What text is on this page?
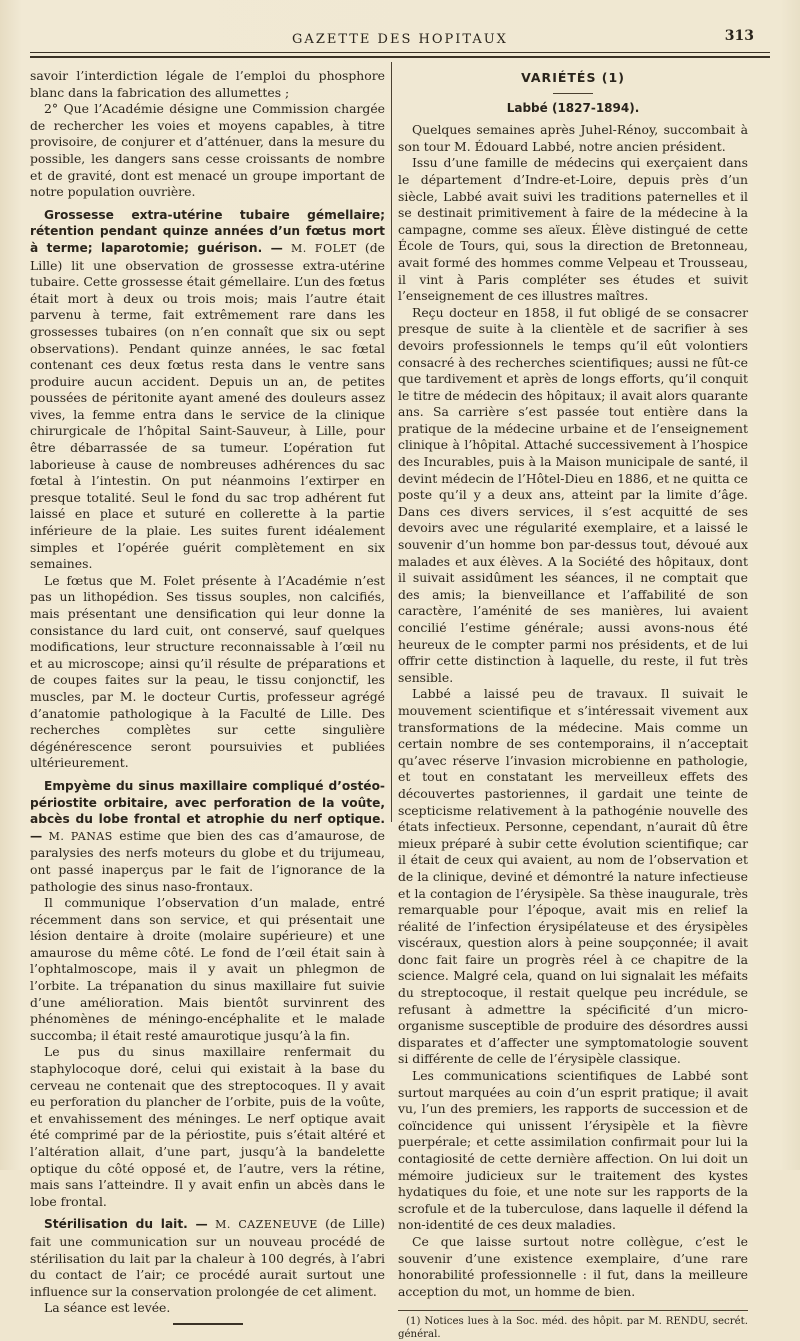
GAZETTE DES HOPITAUX	313

savoir l’interdiction légale de l’emploi du phosphore blanc dans la fabrication des allumettes ;

2° Que l’Académie désigne une Commission chargée de rechercher les voies et moyens capables, à titre provisoire, de conjurer et d’atténuer, dans la mesure du possible, les dangers sans cesse croissants de nombre et de gravité, dont est menacé un groupe important de notre population ouvrière.

Grossesse extra-utérine tubaire gémellaire; rétention pendant quinze années d’un fœtus mort à terme; laparotomie; guérison. — M. FOLET (de Lille) lit une observation de grossesse extra-utérine tubaire. Cette grossesse était gémellaire. L’un des fœtus était mort à deux ou trois mois; mais l’autre était parvenu à terme, fait extrêmement rare dans les grossesses tubaires (on n’en connaît que six ou sept observations). Pendant quinze années, le sac fœtal contenant ces deux fœtus resta dans le ventre sans produire aucun accident. Depuis un an, de petites poussées de péritonite ayant amené des douleurs assez vives, la femme entra dans le service de la clinique chirurgicale de l’hôpital Saint-Sauveur, à Lille, pour être débarrassée de sa tumeur. L’opération fut laborieuse à cause de nombreuses adhérences du sac fœtal à l’intestin. On put néanmoins l’extirper en presque totalité. Seul le fond du sac trop adhérent fut laissé en place et suturé en collerette à la partie inférieure de la plaie. Les suites furent idéalement simples et l’opérée guérit complètement en six semaines.

Le fœtus que M. Folet présente à l’Académie n’est pas un lithopédion. Ses tissus souples, non calcifiés, mais présentant une densification qui leur donne la consistance du lard cuit, ont conservé, sauf quelques modifications, leur structure reconnaissable à l’œil nu et au microscope; ainsi qu’il résulte de préparations et de coupes faites sur la peau, le tissu conjonctif, les muscles, par M. le docteur Curtis, professeur agrégé d’anatomie pathologique à la Faculté de Lille. Des recherches complètes sur cette singulière dégénérescence seront poursuivies et publiées ultérieurement.

Empyème du sinus maxillaire compliqué d’ostéo-périostite orbitaire, avec perforation de la voûte, abcès du lobe frontal et atrophie du nerf optique. — M. PANAS estime que bien des cas d’amaurose, de paralysies des nerfs moteurs du globe et du trijumeau, ont passé inaperçus par le fait de l’ignorance de la pathologie des sinus naso-frontaux.

Il communique l’observation d’un malade, entré récemment dans son service, et qui présentait une lésion dentaire à droite (molaire supérieure) et une amaurose du même côté. Le fond de l’œil était sain à l’ophtalmoscope, mais il y avait un phlegmon de l’orbite. La trépanation du sinus maxillaire fut suivie d’une amélioration. Mais bientôt survinrent des phénomènes de méningo-encéphalite et le malade succomba; il était resté amaurotique jusqu’à la fin.

Le pus du sinus maxillaire renfermait du staphylocoque doré, celui qui existait à la base du cerveau ne contenait que des streptocoques. Il y avait eu perforation du plancher de l’orbite, puis de la voûte, et envahissement des méninges. Le nerf optique avait été comprimé par de la périostite, puis s’était altéré et l’altération allait, d’une part, jusqu’à la bandelette optique du côté opposé et, de l’autre, vers la rétine, mais sans l’atteindre. Il y avait enfin un abcès dans le lobe frontal.

Stérilisation du lait. — M. CAZENEUVE (de Lille) fait une communication sur un nouveau procédé de stérilisation du lait par la chaleur à 100 degrés, à l’abri du contact de l’air; ce procédé aurait surtout une influence sur la conservation prolongée de cet aliment.

La séance est levée.

VARIÉTÉS (1)
Labbé (1827-1894).

Quelques semaines après Juhel-Rénoy, succombait à son tour M. Édouard Labbé, notre ancien président.

Issu d’une famille de médecins qui exerçaient dans le département d’Indre-et-Loire, depuis près d’un siècle, Labbé avait suivi les traditions paternelles et il se destinait primitivement à faire de la médecine à la campagne, comme ses aïeux. Élève distingué de cette École de Tours, qui, sous la direction de Bretonneau, avait formé des hommes comme Velpeau et Trousseau, il vint à Paris compléter ses études et suivit l’enseignement de ces illustres maîtres.

Reçu docteur en 1858, il fut obligé de se consacrer presque de suite à la clientèle et de sacrifier à ses devoirs professionnels le temps qu’il eût volontiers consacré à des recherches scientifiques; aussi ne fût-ce que tardivement et après de longs efforts, qu’il conquit le titre de médecin des hôpitaux; il avait alors quarante ans. Sa carrière s’est passée tout entière dans la pratique de la médecine urbaine et de l’enseignement clinique à l’hôpital. Attaché successivement à l’hospice des Incurables, puis à la Maison municipale de santé, il devint médecin de l’Hôtel-Dieu en 1886, et ne quitta ce poste qu’il y a deux ans, atteint par la limite d’âge. Dans ces divers services, il s’est acquitté de ses devoirs avec une régularité exemplaire, et a laissé le souvenir d’un homme bon par-dessus tout, dévoué aux malades et aux élèves. A la Société des hôpitaux, dont il suivait assidûment les séances, il ne comptait que des amis; la bienveillance et l’affabilité de son caractère, l’aménité de ses manières, lui avaient concilié l’estime générale; aussi avons-nous été heureux de le compter parmi nos présidents, et de lui offrir cette distinction à laquelle, du reste, il fut très sensible.

Labbé a laissé peu de travaux. Il suivait le mouvement scientifique et s’intéressait vivement aux transformations de la médecine. Mais comme un certain nombre de ses contemporains, il n’acceptait qu’avec réserve l’invasion microbienne en pathologie, et tout en constatant les merveilleux effets des découvertes pastoriennes, il gardait une teinte de scepticisme relativement à la pathogénie nouvelle des états infectieux. Personne, cependant, n’aurait dû être mieux préparé à subir cette évolution scientifique; car il était de ceux qui avaient, au nom de l’observation et de la clinique, deviné et démontré la nature infectieuse et la contagion de l’érysipèle. Sa thèse inaugurale, très remarquable pour l’époque, avait mis en relief la réalité de l’infection érysipélateuse et des érysipèles viscéraux, question alors à peine soupçonnée; il avait donc fait faire un progrès réel à ce chapitre de la science. Malgré cela, quand on lui signalait les méfaits du streptocoque, il restait quelque peu incrédule, se refusant à admettre la spécificité d’un micro-organisme susceptible de produire des désordres aussi disparates et d’affecter une symptomatologie souvent si différente de celle de l’érysipèle classique.

Les communications scientifiques de Labbé sont surtout marquées au coin d’un esprit pratique; il avait vu, l’un des premiers, les rapports de succession et de coïncidence qui unissent l’érysipèle et la fièvre puerpérale; et cette assimilation confirmait pour lui la contagiosité de cette dernière affection. On lui doit un mémoire judicieux sur le traitement des kystes hydatiques du foie, et une note sur les rapports de la scrofule et de la tuberculose, dans laquelle il défend la non-identité de ces deux maladies.

Ce que laisse surtout notre collègue, c’est le souvenir d’une existence exemplaire, d’une rare honorabilité professionnelle : il fut, dans la meilleure acception du mot, un homme de bien.

(1) Notices lues à la Soc. méd. des hôpit. par M. RENDU, secrét. général.
